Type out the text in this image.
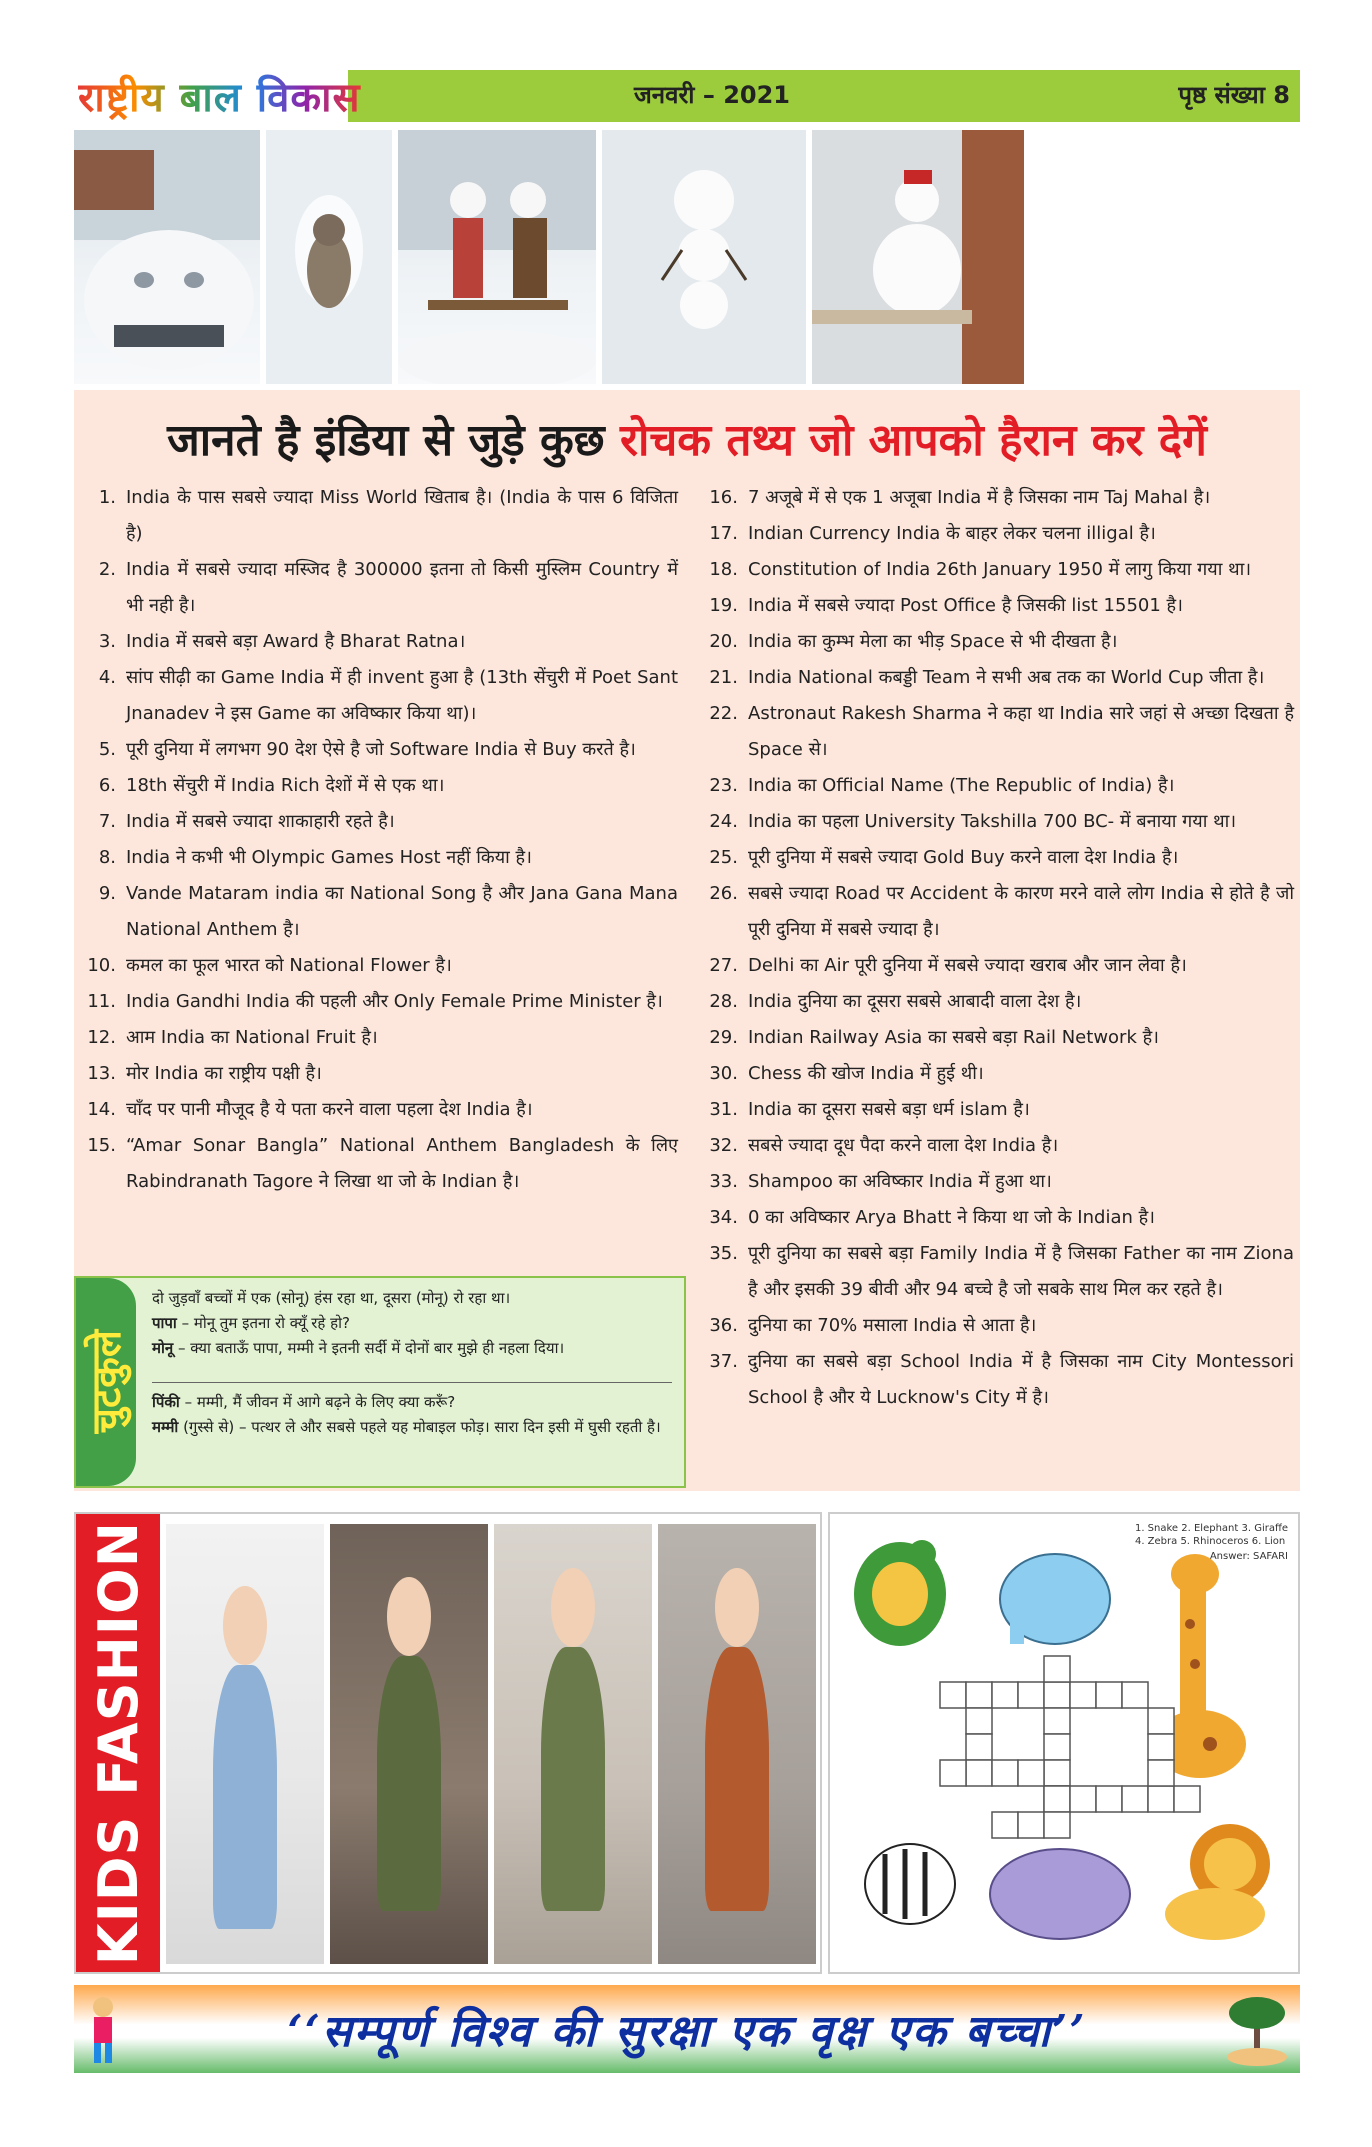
राष्ट्रीय बाल विकास	जनवरी – 2021	पृष्ठ संख्या 8
जानते है इंडिया से जुड़े कुछ रोचक तथ्य जो आपको हैरान कर देगें
1. India के पास सबसे ज्यादा Miss World खिताब है। (India के पास 6 विजिता है)
2. India में सबसे ज्यादा मस्जिद है 300000 इतना तो किसी मुस्लिम Country में भी नही है।
3. India में सबसे बड़ा Award है Bharat Ratna।
4. सांप सीढ़ी का Game India में ही invent हुआ है (13th सेंचुरी में Poet Sant Jnanadev ने इस Game का अविष्कार किया था)।
5. पूरी दुनिया में लगभग 90 देश ऐसे है जो Software India से Buy करते है।
6. 18th सेंचुरी में India Rich देशों में से एक था।
7. India में सबसे ज्यादा शाकाहारी रहते है।
8. India ने कभी भी Olympic Games Host नहीं किया है।
9. Vande Mataram india का National Song है और Jana Gana Mana National Anthem है।
10. कमल का फूल भारत को National Flower है।
11. India Gandhi India की पहली और Only Female Prime Minister है।
12. आम India का National Fruit है।
13. मोर India का राष्ट्रीय पक्षी है।
14. चाँद पर पानी मौजूद है ये पता करने वाला पहला देश India है।
15. “Amar Sonar Bangla” National Anthem Bangladesh के लिए Rabindranath Tagore ने लिखा था जो के Indian है।
16. 7 अजूबे में से एक 1 अजूबा India में है जिसका नाम Taj Mahal है।
17. Indian Currency India के बाहर लेकर चलना illigal है।
18. Constitution of India 26th January 1950 में लागु किया गया था।
19. India में सबसे ज्यादा Post Office है जिसकी list 15501 है।
20. India का कुम्भ मेला का भीड़ Space से भी दीखता है।
21. India National कबड्डी Team ने सभी अब तक का World Cup जीता है।
22. Astronaut Rakesh Sharma ने कहा था India सारे जहां से अच्छा दिखता है Space से।
23. India का Official Name (The Republic of India) है।
24. India का पहला University Takshilla 700 BC- में बनाया गया था।
25. पूरी दुनिया में सबसे ज्यादा Gold Buy करने वाला देश India है।
26. सबसे ज्यादा Road पर Accident के कारण मरने वाले लोग India से होते है जो पूरी दुनिया में सबसे ज्यादा है।
27. Delhi का Air पूरी दुनिया में सबसे ज्यादा खराब और जान लेवा है।
28. India दुनिया का दूसरा सबसे आबादी वाला देश है।
29. Indian Railway Asia का सबसे बड़ा Rail Network है।
30. Chess की खोज India में हुई थी।
31. India का दूसरा सबसे बड़ा धर्म islam है।
32. सबसे ज्यादा दूध पैदा करने वाला देश India है।
33. Shampoo का अविष्कार India में हुआ था।
34. 0 का अविष्कार Arya Bhatt ने किया था जो के Indian है।
35. पूरी दुनिया का सबसे बड़ा Family India में है जिसका Father का नाम Ziona है और इसकी 39 बीवी और 94 बच्चे है जो सबके साथ मिल कर रहते है।
36. दुनिया का 70% मसाला India से आता है।
37. दुनिया का सबसे बड़ा School India में है जिसका नाम City Montessori School है और ये Lucknow's City में है।
चुटकुले
दो जुड़वाँ बच्चों में एक (सोनू) हंस रहा था, दूसरा (मोनू) रो रहा था।
पापा – मोनू तुम इतना रो क्यूँ रहे हो?
मोनू – क्या बताऊँ पापा, मम्मी ने इतनी सर्दी में दोनों बार मुझे ही नहला दिया।
पिंकी – मम्मी, मैं जीवन में आगे बढ़ने के लिए क्या करूँ?
मम्मी (गुस्से से) – पत्थर ले और सबसे पहले यह मोबाइल फोड़। सारा दिन इसी में घुसी रहती है।
KIDS FASHION	1. Snake 2. Elephant 3. Giraffe
4. Zebra 5. Rhinoceros 6. Lion
Answer: SAFARI
‘‘सम्पूर्ण विश्व की सुरक्षा एक वृक्ष एक बच्चा’’
